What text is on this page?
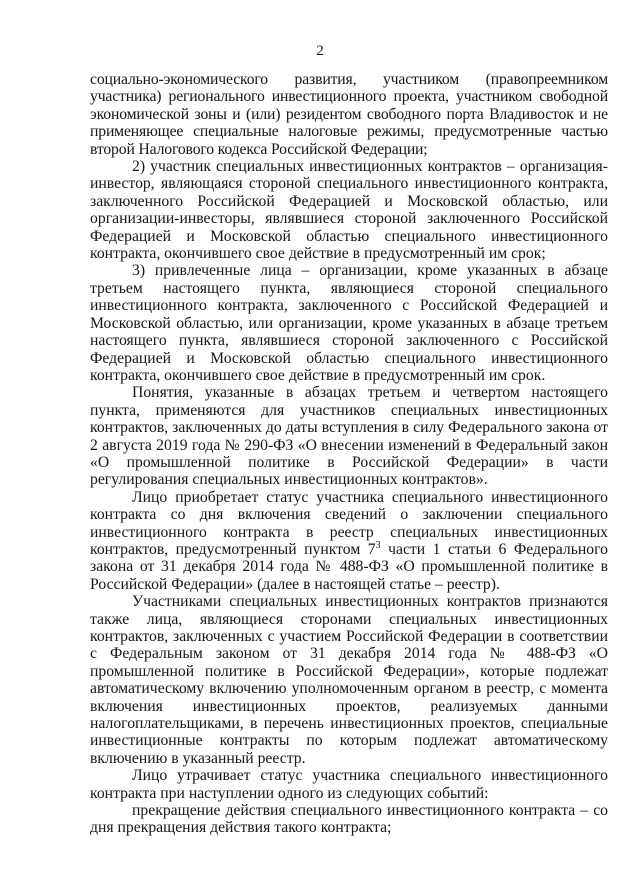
2

социально-экономического развития, участником (правопреемником участника) регионального инвестиционного проекта, участником свободной экономической зоны и (или) резидентом свободного порта Владивосток и не применяющее специальные налоговые режимы, предусмотренные частью второй Налогового кодекса Российской Федерации;

2) участник специальных инвестиционных контрактов – организация-инвестор, являющаяся стороной специального инвестиционного контракта, заключенного Российской Федерацией и Московской областью, или организации-инвесторы, являвшиеся стороной заключенного Российской Федерацией и Московской областью специального инвестиционного контракта, окончившего свое действие в предусмотренный им срок;

3) привлеченные лица – организации, кроме указанных в абзаце третьем настоящего пункта, являющиеся стороной специального инвестиционного контракта, заключенного с Российской Федерацией и Московской областью, или организации, кроме указанных в абзаце третьем настоящего пункта, являвшиеся стороной заключенного с Российской Федерацией и Московской областью специального инвестиционного контракта, окончившего свое действие в предусмотренный им срок.

Понятия, указанные в абзацах третьем и четвертом настоящего пункта, применяются для участников специальных инвестиционных контрактов, заключенных до даты вступления в силу Федерального закона от 2 августа 2019 года № 290-ФЗ «О внесении изменений в Федеральный закон «О промышленной политике в Российской Федерации» в части регулирования специальных инвестиционных контрактов».

Лицо приобретает статус участника специального инвестиционного контракта со дня включения сведений о заключении специального инвестиционного контракта в реестр специальных инвестиционных контрактов, предусмотренный пунктом $7^3$ части 1 статьи 6 Федерального закона от 31 декабря 2014 года № 488-ФЗ «О промышленной политике в Российской Федерации» (далее в настоящей статье – реестр).

Участниками специальных инвестиционных контрактов признаются также лица, являющиеся сторонами специальных инвестиционных контрактов, заключенных с участием Российской Федерации в соответствии с Федеральным законом от 31 декабря 2014 года № 488-ФЗ «О промышленной политике в Российской Федерации», которые подлежат автоматическому включению уполномоченным органом в реестр, с момента включения инвестиционных проектов, реализуемых данными налогоплательщиками, в перечень инвестиционных проектов, специальные инвестиционные контракты по которым подлежат автоматическому включению в указанный реестр.

Лицо утрачивает статус участника специального инвестиционного контракта при наступлении одного из следующих событий:

прекращение действия специального инвестиционного контракта – со дня прекращения действия такого контракта;
